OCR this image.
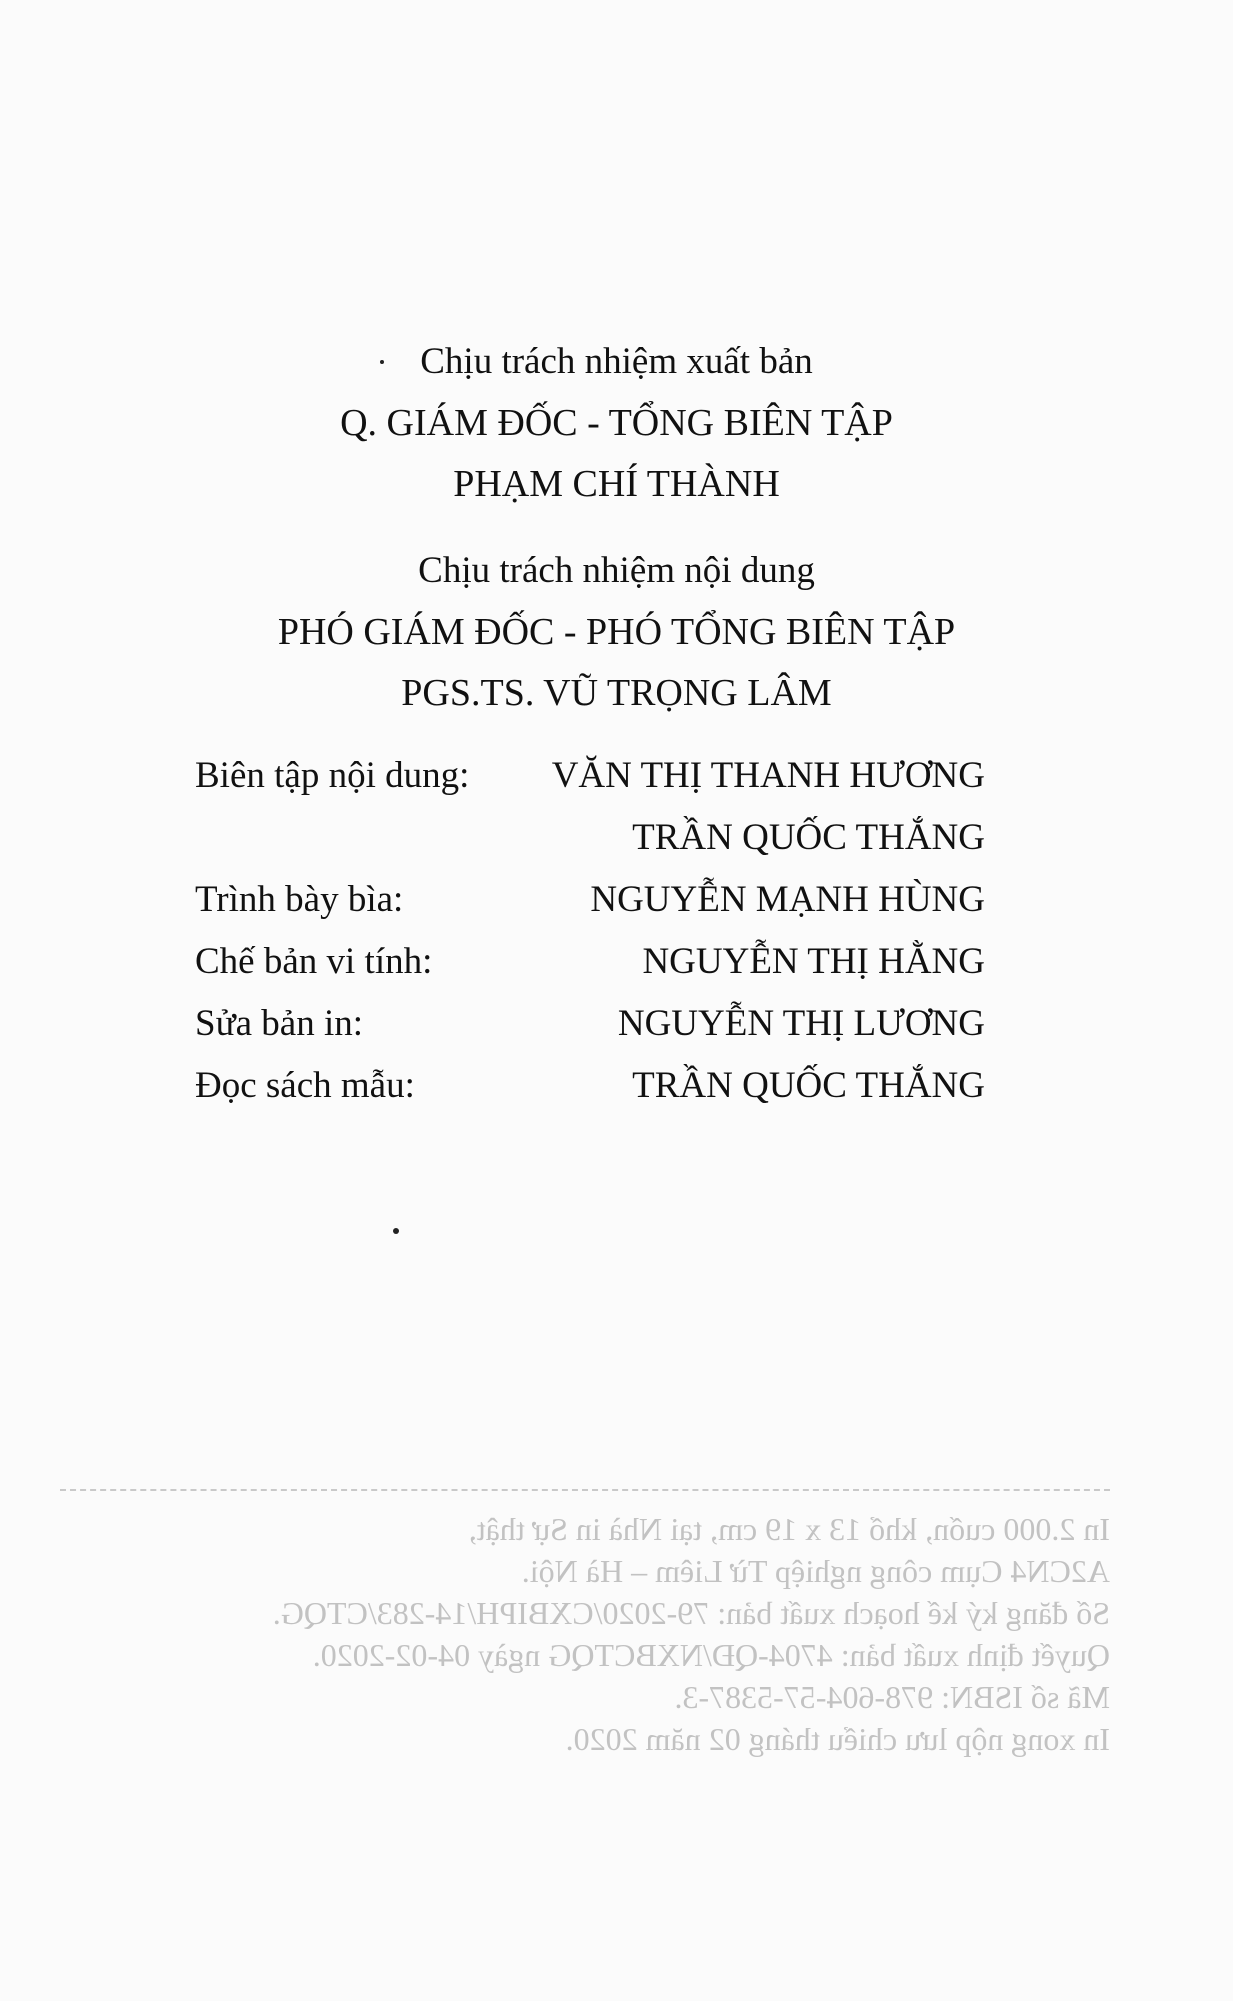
Chịu trách nhiệm xuất bản
Q. GIÁM ĐỐC - TỔNG BIÊN TẬP
PHẠM CHÍ THÀNH
Chịu trách nhiệm nội dung
PHÓ GIÁM ĐỐC - PHÓ TỔNG BIÊN TẬP
PGS.TS. VŨ TRỌNG LÂM
Biên tập nội dung: VĂN THỊ THANH HƯƠNG
TRẦN QUỐC THẮNG
Trình bày bìa:	NGUYỄN MẠNH HÙNG
Chế bản vi tính:	NGUYỄN THỊ HẰNG
Sửa bản in:	NGUYỄN THỊ LƯƠNG
Đọc sách mẫu:	TRẦN QUỐC THẮNG
In 2.000 cuốn, khổ 13 x 19 cm, tại Nhà in Sự thật,
A2CN4 Cụm công nghiệp Từ Liêm – Hà Nội.
Số đăng ký kế hoạch xuất bản: 79-2020/CXBIPH/14-283/CTQG.
Quyết định xuất bản: 4704-QĐ/NXBCTQG ngày 04-02-2020.
Mã số ISBN: 978-604-57-5387-3.
In xong nộp lưu chiểu tháng 02 năm 2020.
